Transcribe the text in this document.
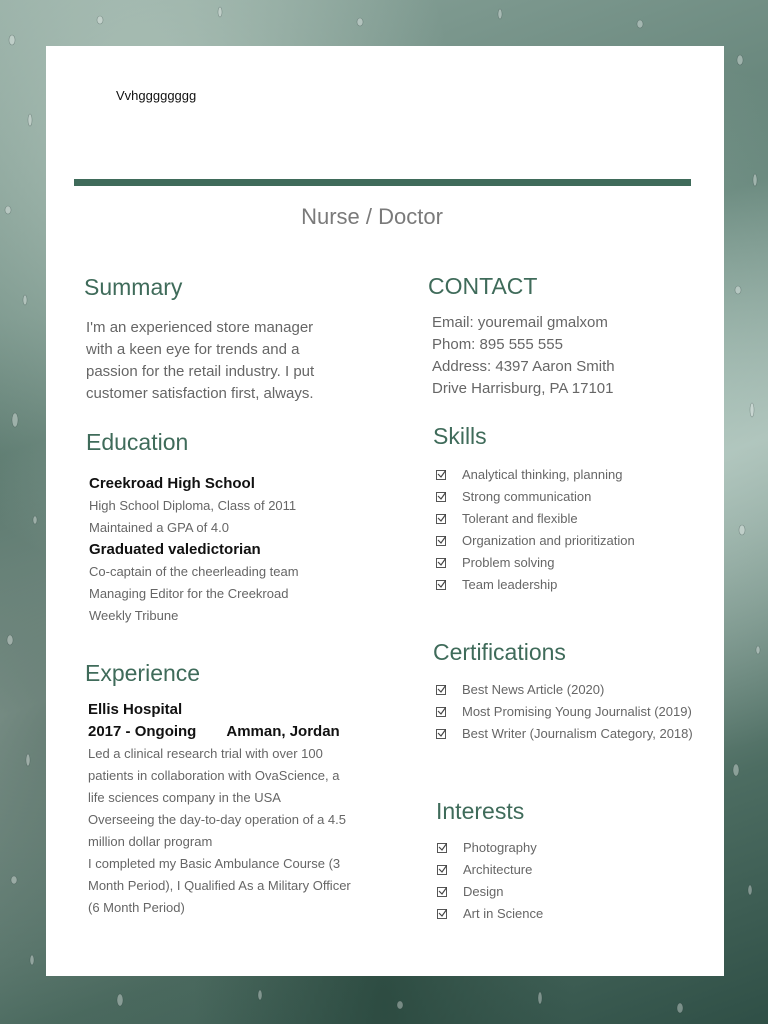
Vvhgggggggg
Nurse / Doctor
Summary
I'm an experienced store manager with a keen eye for trends and a passion for the retail industry. I put customer satisfaction first, always.
Education
Creekroad High School
High School Diploma, Class of 2011
Maintained a GPA of 4.0
Graduated valedictorian
Co-captain of the cheerleading team
Managing Editor for the Creekroad
Weekly Tribune
Experience
Ellis Hospital
2017 - Ongoing Amman, Jordan
Led a clinical research trial with over 100
patients in collaboration with OvaScience, a
life sciences company in the USA
Overseeing the day-to-day operation of a 4.5
million dollar program
I completed my Basic Ambulance Course (3
Month Period), I Qualified As a Military Officer
(6 Month Period)
CONTACT
Email: youremail gmalxom
Phom: 895 555 555
Address: 4397 Aaron Smith
Drive Harrisburg, PA 17101
Skills
Analytical thinking, planning
Strong communication
Tolerant and flexible
Organization and prioritization
Problem solving
Team leadership
Certifications
Best News Article (2020)
Most Promising Young Journalist (2019)
Best Writer (Journalism Category, 2018)
Interests
Photography
Architecture
Design
Art in Science
